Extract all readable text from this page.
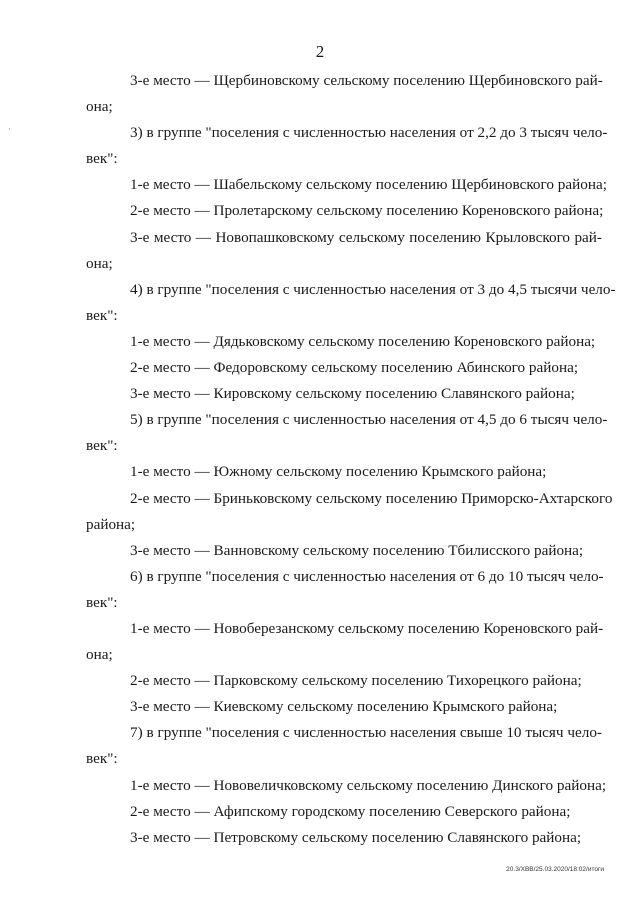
·
2
3-е место — Щербиновскому сельскому поселению Щербиновского рай-
она;
3) в группе "поселения с численностью населения от 2,2 до 3 тысяч чело-
век":
1-е место — Шабельскому сельскому поселению Щербиновского района;
2-е место — Пролетарскому сельскому поселению Кореновского района;
3-е место — Новопашковскому сельскому поселению Крыловского рай-
она;
4) в группе "поселения с численностью населения от 3 до 4,5 тысячи чело-
век":
1-е место — Дядьковскому сельскому поселению Кореновского района;
2-е место — Федоровскому сельскому поселению Абинского района;
3-е место — Кировскому сельскому поселению Славянского района;
5) в группе "поселения с численностью населения от 4,5 до 6 тысяч чело-
век":
1-е место — Южному сельскому поселению Крымского района;
2-е место — Бриньковскому сельскому поселению Приморско-Ахтарского
района;
3-е место — Ванновскому сельскому поселению Тбилисского района;
6) в группе "поселения с численностью населения от 6 до 10 тысяч чело-
век":
1-е место — Новоберезанскому сельскому поселению Кореновского рай-
она;
2-е место — Парковскому сельскому поселению Тихорецкого района;
3-е место — Киевскому сельскому поселению Крымского района;
7) в группе "поселения с численностью населения свыше 10 тысяч чело-
век":
1-е место — Нововеличковскому сельскому поселению Динского района;
2-е место — Афипскому городскому поселению Северского района;
3-е место — Петровскому сельскому поселению Славянского района;
20.3/ХВВ/25.03.2020/18:02/итоги
